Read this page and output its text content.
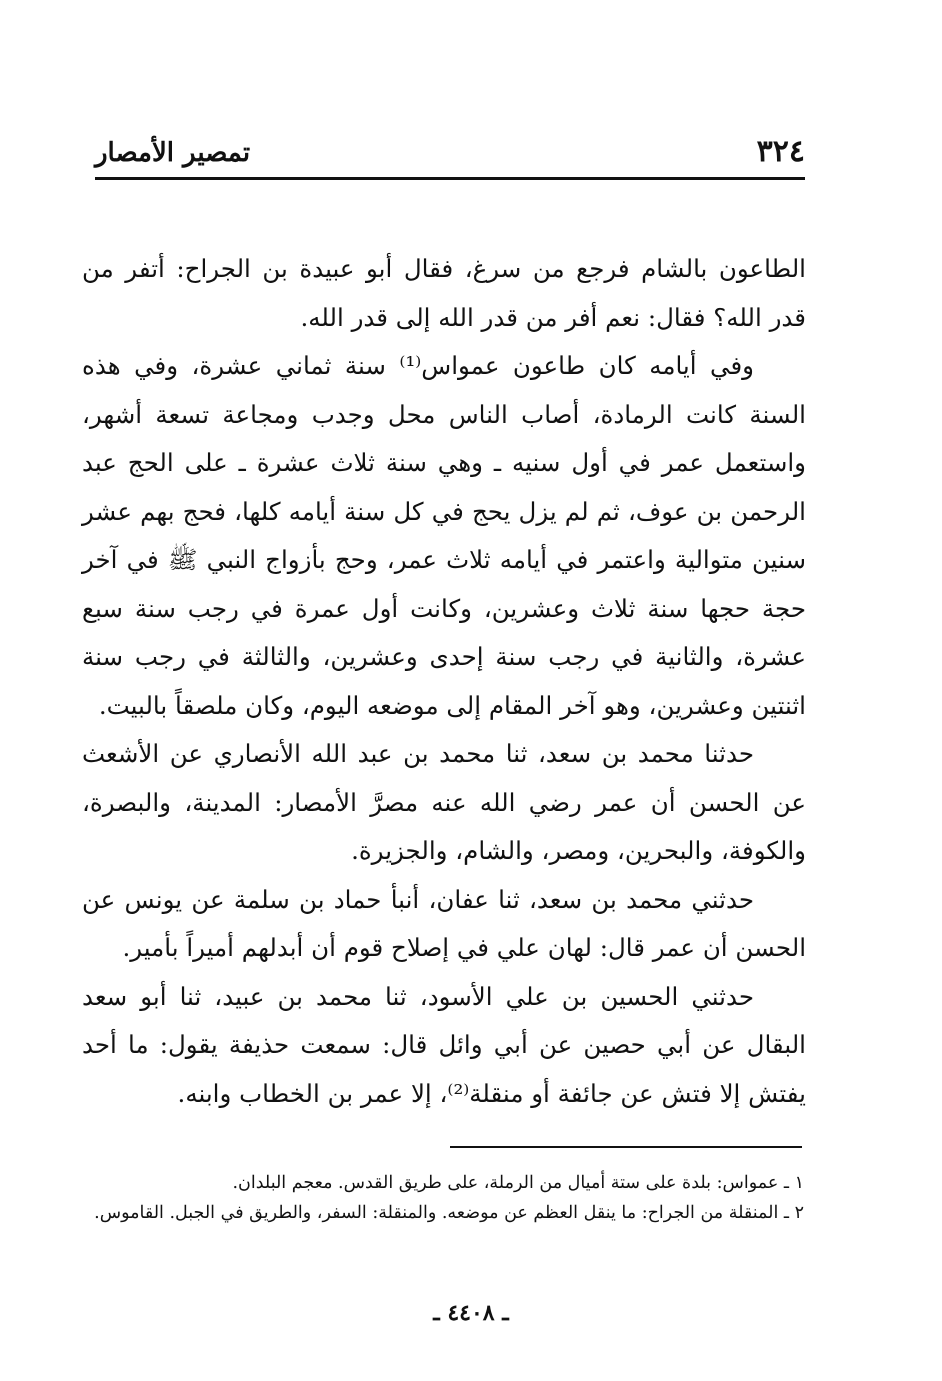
تمصير الأمصار	٣٢٤

الطاعون بالشام فرجع من سرغ، فقال أبو عبيدة بن الجراح: أتفر من قدر الله؟ فقال: نعم أفر من قدر الله إلى قدر الله.

وفي أيامه كان طاعون عمواس⁽¹⁾ سنة ثماني عشرة، وفي هذه السنة كانت الرمادة، أصاب الناس محل وجدب ومجاعة تسعة أشهر، واستعمل عمر في أول سنيه ـ وهي سنة ثلاث عشرة ـ على الحج عبد الرحمن بن عوف، ثم لم يزل يحج في كل سنة أيامه كلها، فحج بهم عشر سنين متوالية واعتمر في أيامه ثلاث عمر، وحج بأزواج النبي ﷺ في آخر حجة حجها سنة ثلاث وعشرين، وكانت أول عمرة في رجب سنة سبع عشرة، والثانية في رجب سنة إحدى وعشرين، والثالثة في رجب سنة اثنتين وعشرين، وهو آخر المقام إلى موضعه اليوم، وكان ملصقاً بالبيت.

حدثنا محمد بن سعد، ثنا محمد بن عبد الله الأنصاري عن الأشعث عن الحسن أن عمر رضي الله عنه مصرَّ الأمصار: المدينة، والبصرة، والكوفة، والبحرين، ومصر، والشام، والجزيرة.

حدثني محمد بن سعد، ثنا عفان، أنبأ حماد بن سلمة عن يونس عن الحسن أن عمر قال: لهان علي في إصلاح قوم أن أبدلهم أميراً بأمير.

حدثني الحسين بن علي الأسود، ثنا محمد بن عبيد، ثنا أبو سعد البقال عن أبي حصين عن أبي وائل قال: سمعت حذيفة يقول: ما أحد يفتش إلا فتش عن جائفة أو منقلة⁽²⁾، إلا عمر بن الخطاب وابنه.

١ ـ عمواس: بلدة على ستة أميال من الرملة، على طريق القدس. معجم البلدان.

٢ ـ المنقلة من الجراح: ما ينقل العظم عن موضعه. والمنقلة: السفر، والطريق في الجبل. القاموس.

ـ ٤٤٠٨ ـ
